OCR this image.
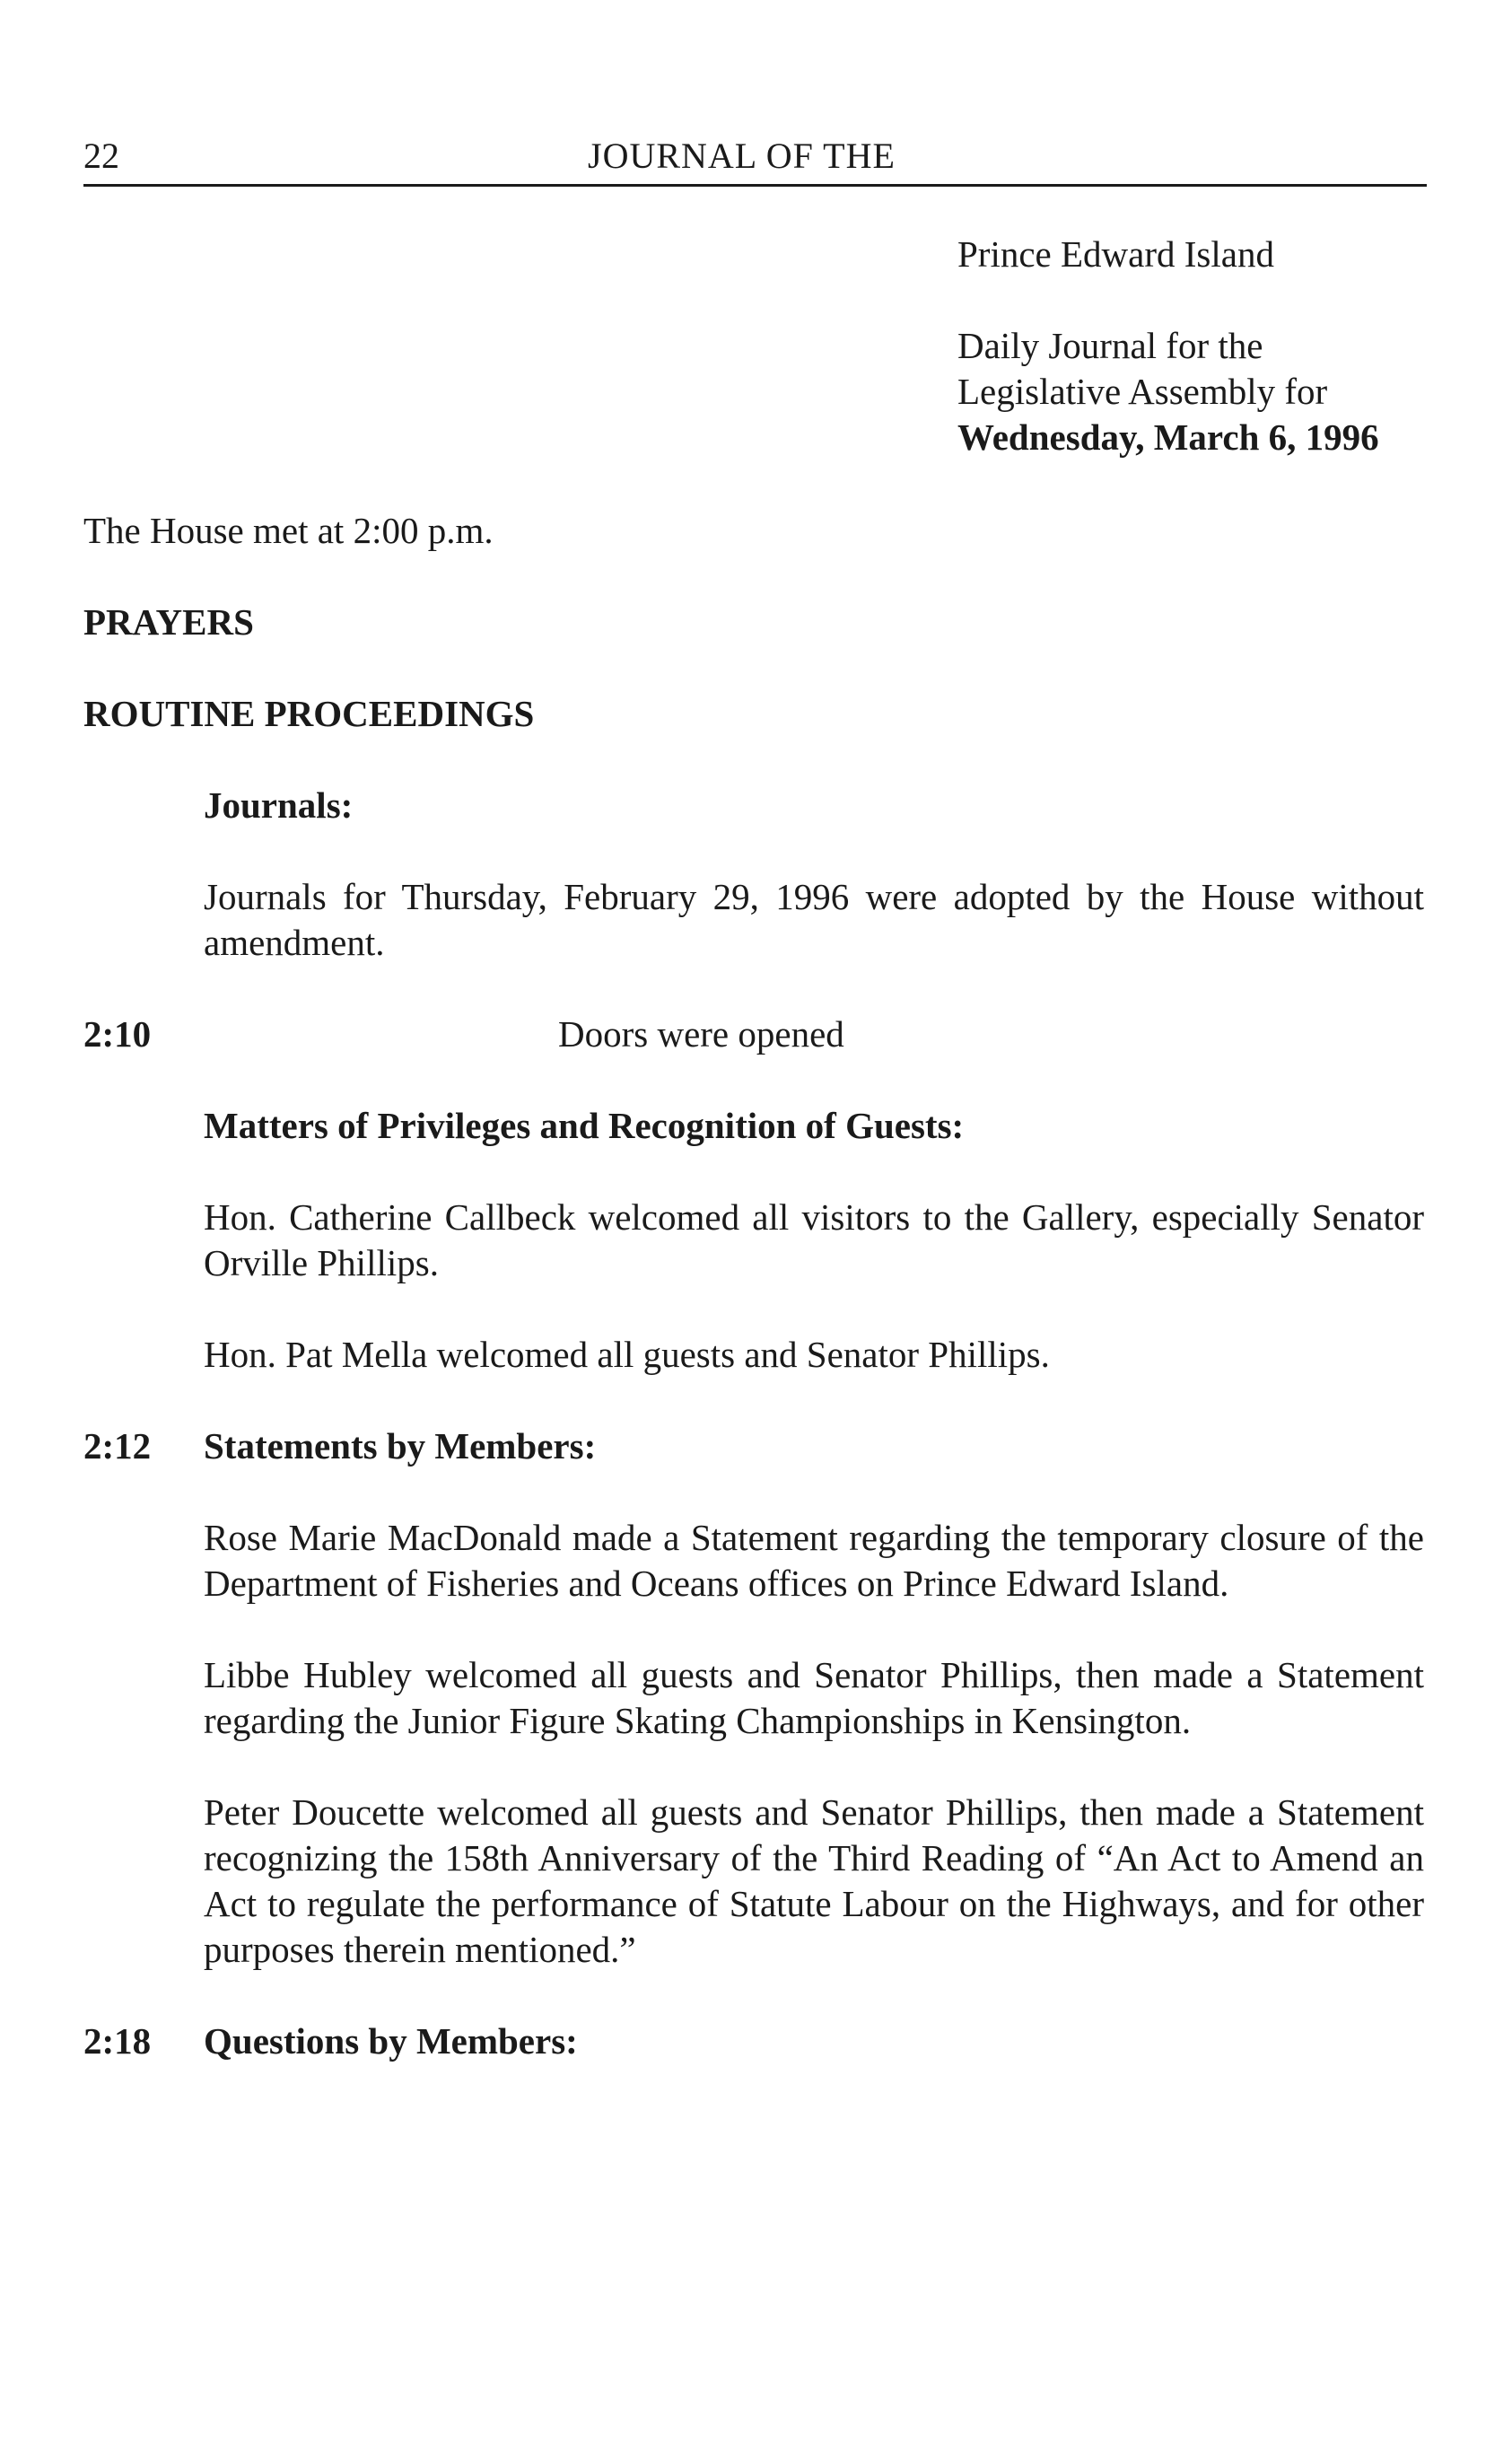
22	JOURNAL OF THE
Prince Edward Island
Daily Journal for the
Legislative Assembly for
Wednesday, March 6, 1996
The House met at 2:00 p.m.
PRAYERS
ROUTINE PROCEEDINGS
Journals:
Journals for Thursday, February 29, 1996 were adopted by the House without amendment.
2:10	Doors were opened
Matters of Privileges and Recognition of Guests:
Hon. Catherine Callbeck welcomed all visitors to the Gallery, especially Senator Orville Phillips.
Hon. Pat Mella welcomed all guests and Senator Phillips.
2:12 Statements by Members:
Rose Marie MacDonald made a Statement regarding the temporary closure of the Department of Fisheries and Oceans offices on Prince Edward Island.
Libbe Hubley welcomed all guests and Senator Phillips, then made a Statement regarding the Junior Figure Skating Championships in Kensington.
Peter Doucette welcomed all guests and Senator Phillips, then made a Statement recognizing the 158th Anniversary of the Third Reading of “An Act to Amend an Act to regulate the performance of Statute Labour on the Highways, and for other purposes therein mentioned.”
2:18 Questions by Members:
